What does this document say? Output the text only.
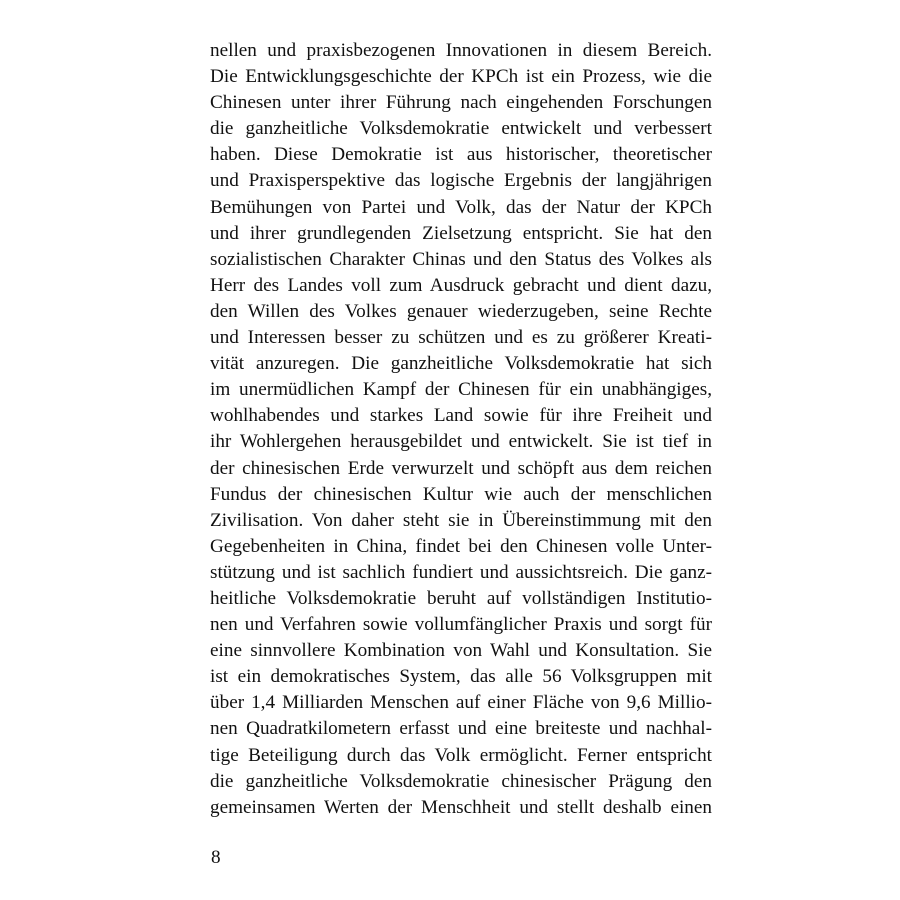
nellen und praxisbezogenen Innovationen in diesem Bereich.
Die Entwicklungsgeschichte der KPCh ist ein Prozess, wie die
Chinesen unter ihrer Führung nach eingehenden Forschungen
die ganzheitliche Volksdemokratie entwickelt und verbessert
haben. Diese Demokratie ist aus historischer, theoretischer
und Praxisperspektive das logische Ergebnis der langjährigen
Bemühungen von Partei und Volk, das der Natur der KPCh
und ihrer grundlegenden Zielsetzung entspricht. Sie hat den
sozialistischen Charakter Chinas und den Status des Volkes als
Herr des Landes voll zum Ausdruck gebracht und dient dazu,
den Willen des Volkes genauer wiederzugeben, seine Rechte
und Interessen besser zu schützen und es zu größerer Kreati-
vität anzuregen. Die ganzheitliche Volksdemokratie hat sich
im unermüdlichen Kampf der Chinesen für ein unabhängiges,
wohlhabendes und starkes Land sowie für ihre Freiheit und
ihr Wohlergehen herausgebildet und entwickelt. Sie ist tief in
der chinesischen Erde verwurzelt und schöpft aus dem reichen
Fundus der chinesischen Kultur wie auch der menschlichen
Zivilisation. Von daher steht sie in Übereinstimmung mit den
Gegebenheiten in China, findet bei den Chinesen volle Unter-
stützung und ist sachlich fundiert und aussichtsreich. Die ganz-
heitliche Volksdemokratie beruht auf vollständigen Institutio-
nen und Verfahren sowie vollumfänglicher Praxis und sorgt für
eine sinnvollere Kombination von Wahl und Konsultation. Sie
ist ein demokratisches System, das alle 56 Volksgruppen mit
über 1,4 Milliarden Menschen auf einer Fläche von 9,6 Millio-
nen Quadratkilometern erfasst und eine breiteste und nachhal-
tige Beteiligung durch das Volk ermöglicht. Ferner entspricht
die ganzheitliche Volksdemokratie chinesischer Prägung den
gemeinsamen Werten der Menschheit und stellt deshalb einen
8
